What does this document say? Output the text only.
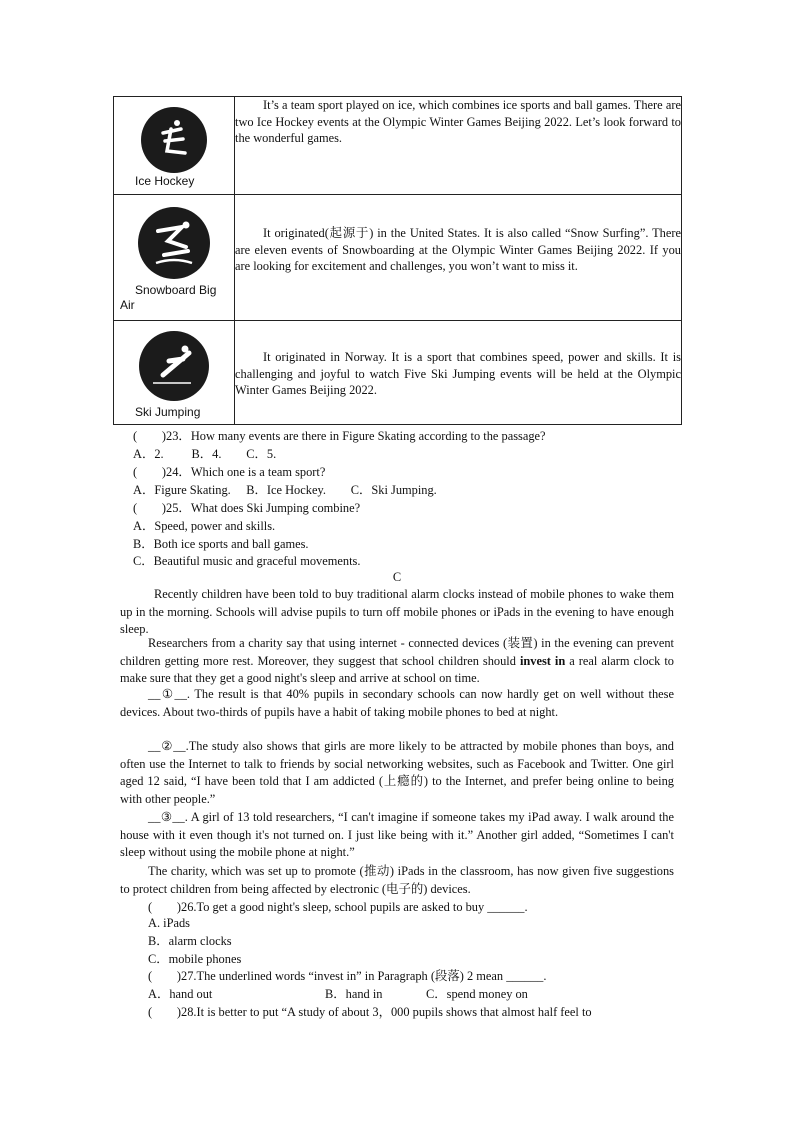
Ice Hockey	It’s a team sport played on ice, which combines ice sports and ball games. There are two Ice Hockey events at the Olympic Winter Games Beijing 2022. Let’s look forward to the wonderful games.

Snowboard Big Air	It originated(起源于) in the United States. It is also called “Snow Surfing”. There are eleven events of Snowboarding at the Olympic Winter Games Beijing 2022. If you are looking for excitement and challenges, you won’t want to miss it.

Ski Jumping	It originated in Norway. It is a sport that combines speed, power and skills. It is challenging and joyful to watch Five Ski Jumping events will be held at the Olympic Winter Games Beijing 2022.
(　　)23．How many events are there in Figure Skating according to the passage?
A．2.　　 B．4.　　C．5.
(　　)24．Which one is a team sport?
A．Figure Skating.　 B．Ice Hockey.　　C．Ski Jumping.
(　　)25．What does Ski Jumping combine?
A．Speed, power and skills.
B．Both ice sports and ball games.
C．Beautiful music and graceful movements.
C
Recently children have been told to buy traditional alarm clocks instead of mobile phones to wake them up in the morning. Schools will advise pupils to turn off mobile phones or iPads in the evening to have enough sleep.
Researchers from a charity say that using internet - connected devices (装置) in the evening can prevent children getting more rest. Moreover, they suggest that school children should invest in a real alarm clock to make sure that they get a good night's sleep and arrive at school on time.
__①__. The result is that 40% pupils in secondary schools can now hardly get on well without these devices. About two-thirds of pupils have a habit of taking mobile phones to bed at night.
__②__.The study also shows that girls are more likely to be attracted by mobile phones than boys, and often use the Internet to talk to friends by social networking websites, such as Facebook and Twitter. One girl aged 12 said, “I have been told that I am addicted (上瘾的) to the Internet, and prefer being online to being with other people.”
__③__. A girl of 13 told researchers, “I can't imagine if someone takes my iPad away. I walk around the house with it even though it's not turned on. I just like being with it.” Another girl added, “Sometimes I can't sleep without using the mobile phone at night.”
The charity, which was set up to promote (推动) iPads in the classroom, has now given five suggestions to protect children from being affected by electronic (电子的) devices.
(　　)26.To get a good night's sleep, school pupils are asked to buy ______.
A. iPads
B．alarm clocks
C．mobile phones
(　　)27.The underlined words “invest in” in Paragraph (段落) 2 mean ______.
A．hand out	B．hand in	C．spend money on
(　　)28.It is better to put “A study of about 3，000 pupils shows that almost half feel to
